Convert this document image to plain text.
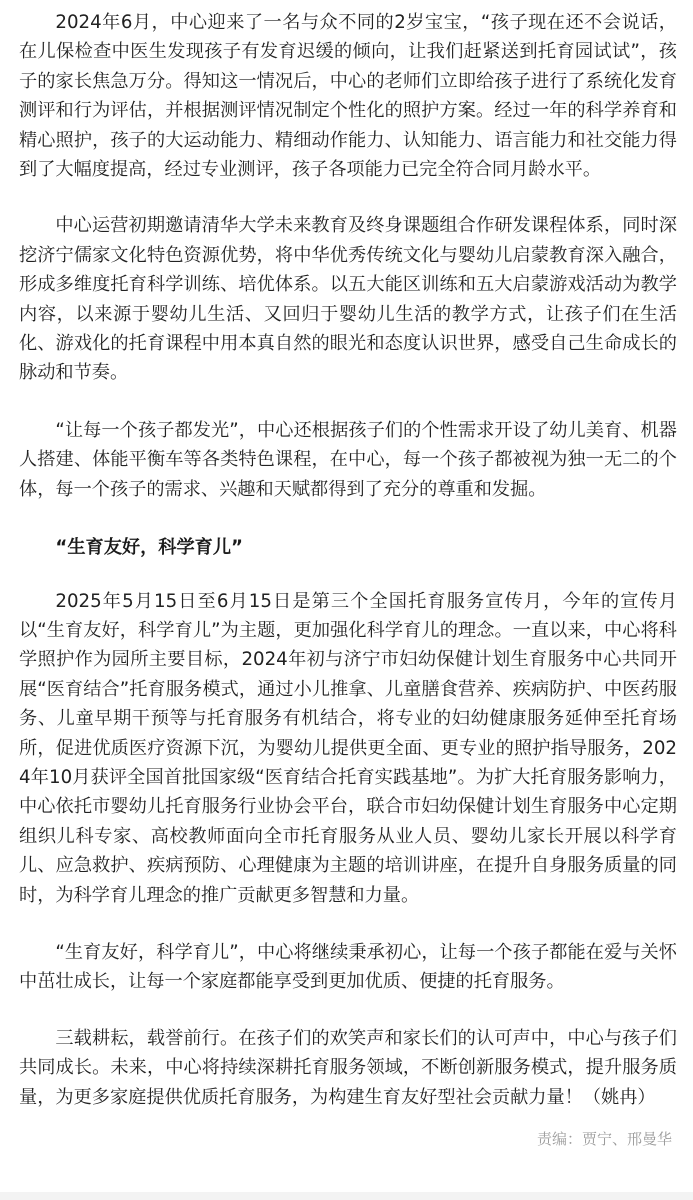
2024年6月，中心迎来了一名与众不同的2岁宝宝，“孩子现在还不会说话，在儿保检查中医生发现孩子有发育迟缓的倾向，让我们赶紧送到托育园试试”，孩子的家长焦急万分。得知这一情况后，中心的老师们立即给孩子进行了系统化发育测评和行为评估，并根据测评情况制定个性化的照护方案。经过一年的科学养育和精心照护，孩子的大运动能力、精细动作能力、认知能力、语言能力和社交能力得到了大幅度提高，经过专业测评，孩子各项能力已完全符合同月龄水平。

中心运营初期邀请清华大学未来教育及终身课题组合作研发课程体系，同时深挖济宁儒家文化特色资源优势，将中华优秀传统文化与婴幼儿启蒙教育深入融合，形成多维度托育科学训练、培优体系。以五大能区训练和五大启蒙游戏活动为教学内容，以来源于婴幼儿生活、又回归于婴幼儿生活的教学方式，让孩子们在生活化、游戏化的托育课程中用本真自然的眼光和态度认识世界，感受自己生命成长的脉动和节奏。

“让每一个孩子都发光”，中心还根据孩子们的个性需求开设了幼儿美育、机器人搭建、体能平衡车等各类特色课程，在中心，每一个孩子都被视为独一无二的个体，每一个孩子的需求、兴趣和天赋都得到了充分的尊重和发掘。

“生育友好，科学育儿”

2025年5月15日至6月15日是第三个全国托育服务宣传月，今年的宣传月以“生育友好，科学育儿”为主题，更加强化科学育儿的理念。一直以来，中心将科学照护作为园所主要目标，2024年初与济宁市妇幼保健计划生育服务中心共同开展“医育结合”托育服务模式，通过小儿推拿、儿童膳食营养、疾病防护、中医药服务、儿童早期干预等与托育服务有机结合，将专业的妇幼健康服务延伸至托育场所，促进优质医疗资源下沉，为婴幼儿提供更全面、更专业的照护指导服务，2024年10月获评全国首批国家级“医育结合托育实践基地”。为扩大托育服务影响力，中心依托市婴幼儿托育服务行业协会平台，联合市妇幼保健计划生育服务中心定期组织儿科专家、高校教师面向全市托育服务从业人员、婴幼儿家长开展以科学育儿、应急救护、疾病预防、心理健康为主题的培训讲座，在提升自身服务质量的同时，为科学育儿理念的推广贡献更多智慧和力量。

“生育友好，科学育儿”，中心将继续秉承初心，让每一个孩子都能在爱与关怀中茁壮成长，让每一个家庭都能享受到更加优质、便捷的托育服务。

三载耕耘，载誉前行。在孩子们的欢笑声和家长们的认可声中，中心与孩子们共同成长。未来，中心将持续深耕托育服务领域，不断创新服务模式，提升服务质量，为更多家庭提供优质托育服务，为构建生育友好型社会贡献力量！（姚冉）

责编：贾宁、邢曼华
